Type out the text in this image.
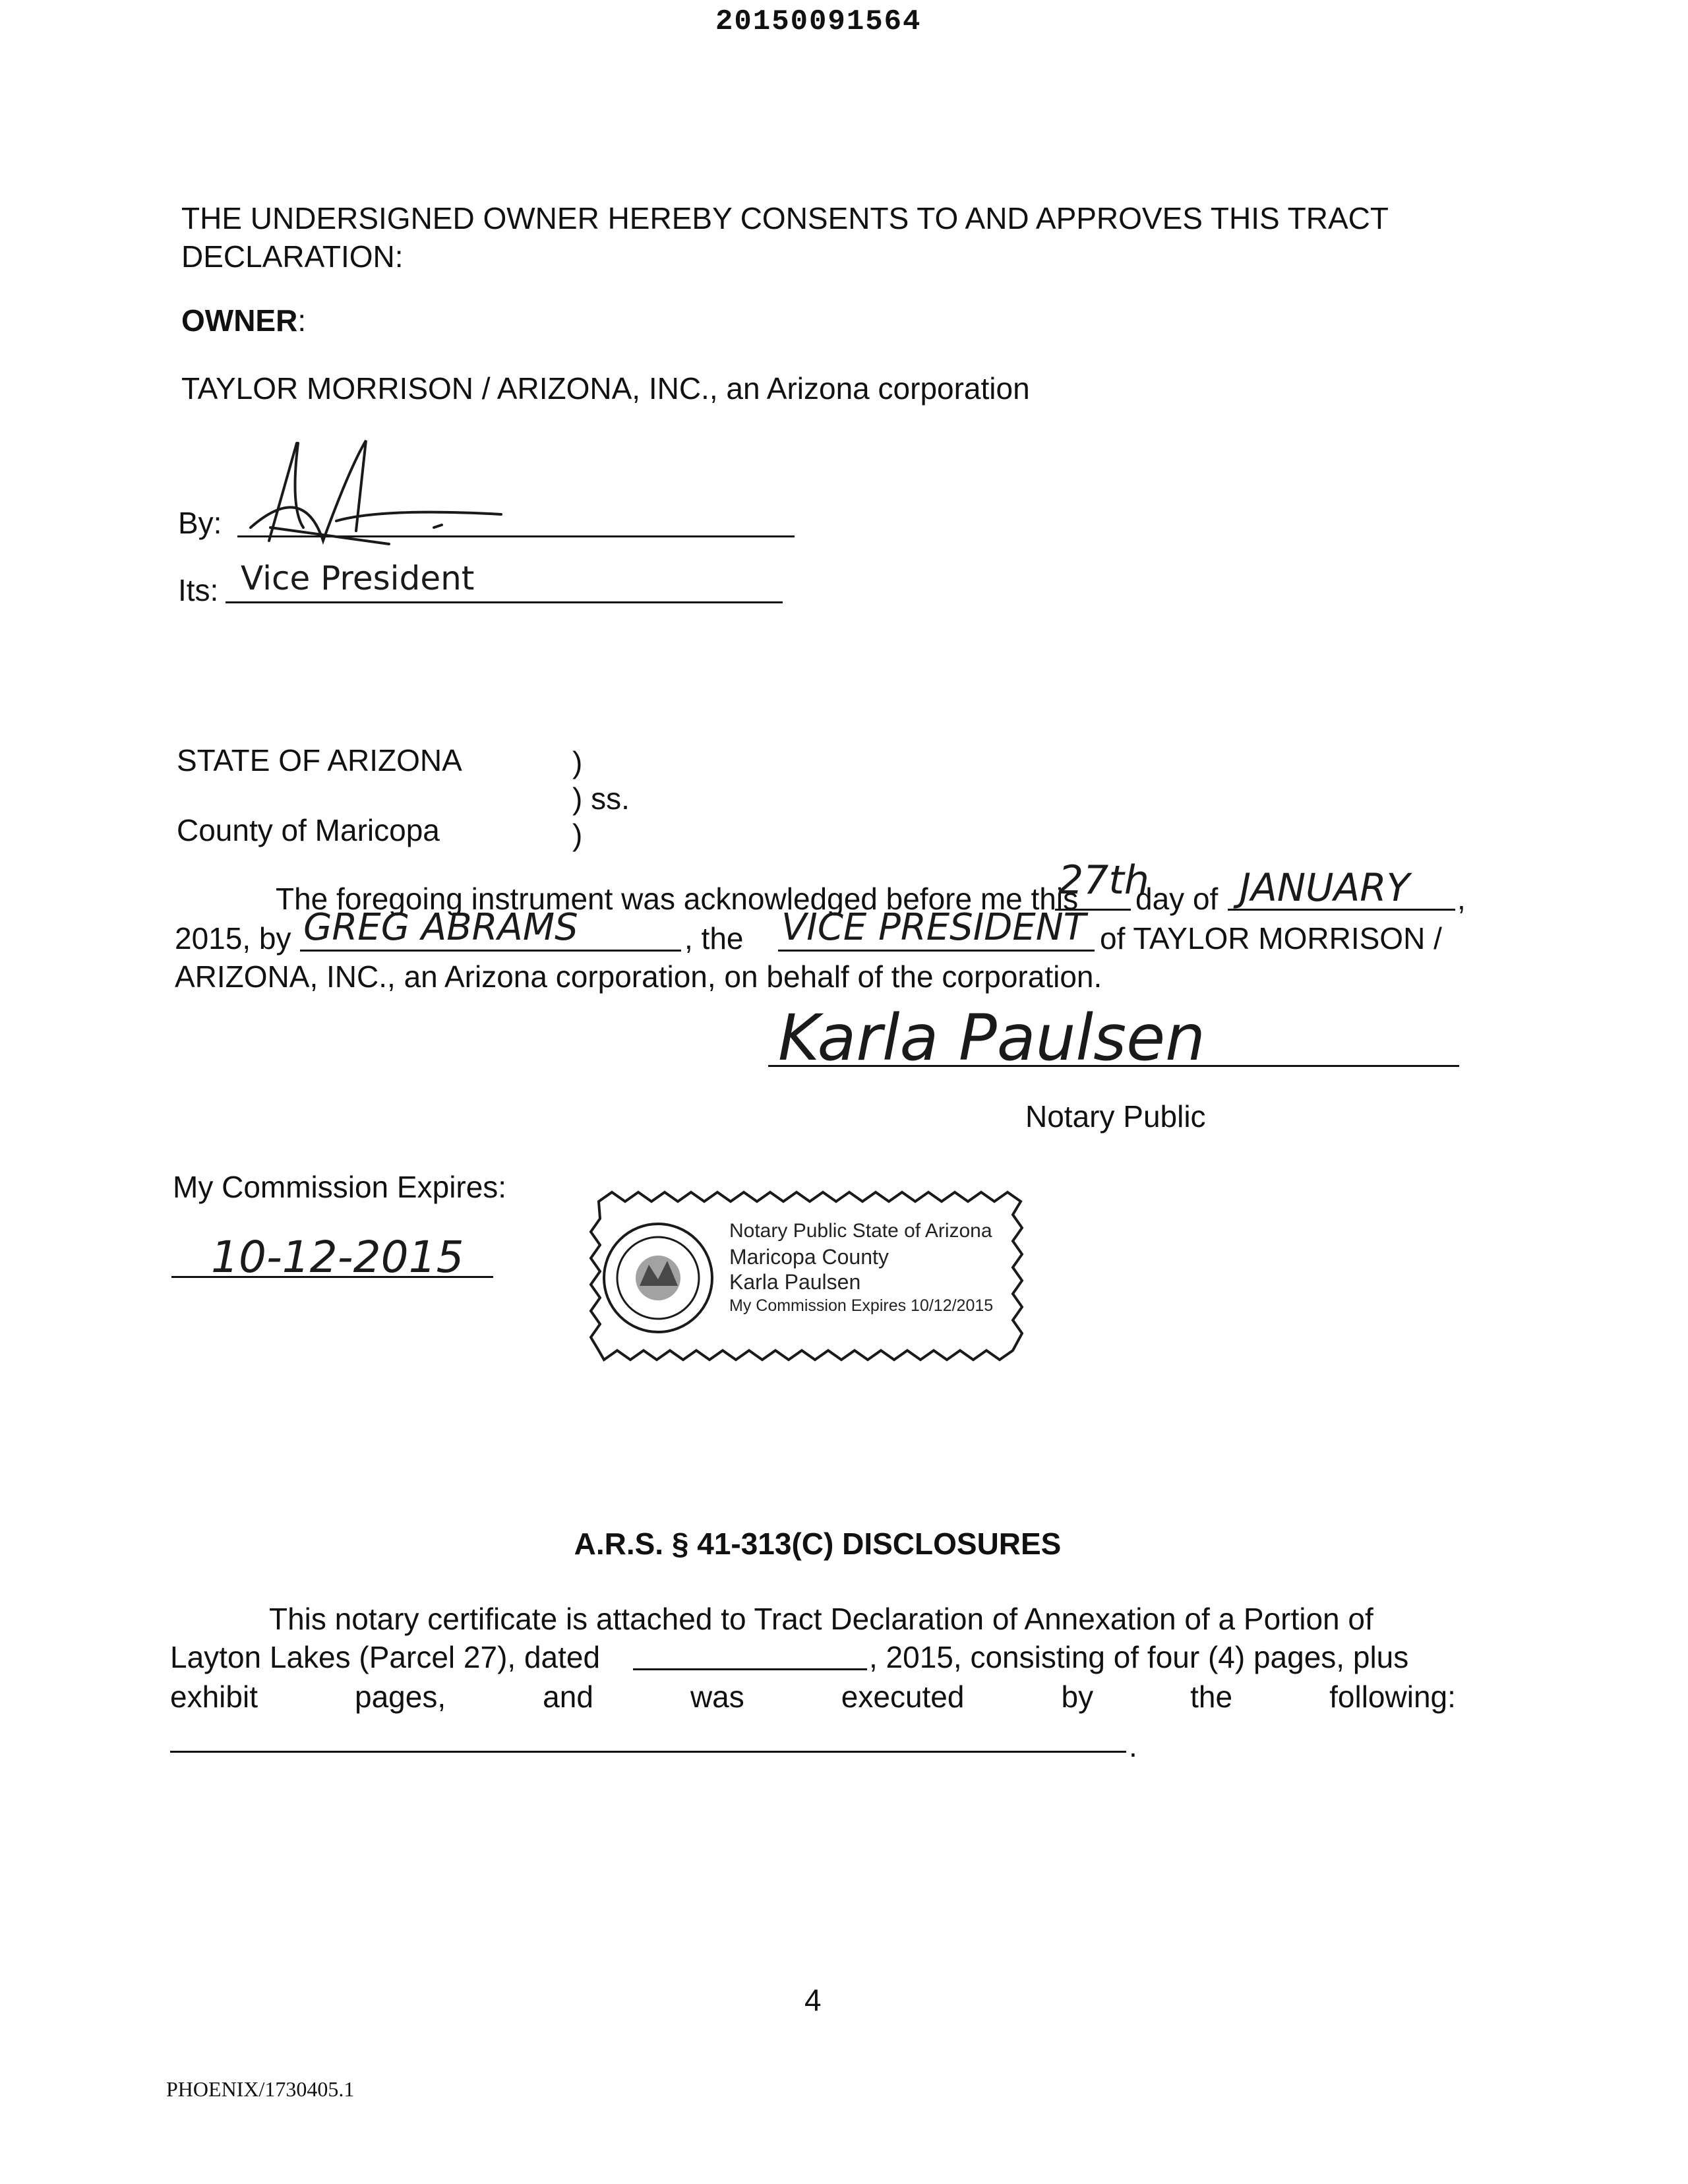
20150091564
THE UNDERSIGNED OWNER HEREBY CONSENTS TO AND APPROVES THIS TRACT
DECLARATION:
OWNER:
TAYLOR MORRISON / ARIZONA, INC., an Arizona corporation
By:
Its: Vice President
STATE OF ARIZONA	)
) ss.
County of Maricopa	)
The foregoing instrument was acknowledged before me this
27th
day of JANUARY ,
2015, by GREG ABRAMS	, the VICE PRESIDENT of TAYLOR MORRISON /
ARIZONA, INC., an Arizona corporation, on behalf of the corporation.
Karla Paulsen
Notary Public
My Commission Expires:
10-12-2015
Notary Public State of Arizona
Maricopa County
Karla Paulsen
My Commission Expires 10/12/2015
A.R.S. § 41-313(C) DISCLOSURES
This notary certificate is attached to Tract Declaration of Annexation of a Portion of
Layton Lakes (Parcel 27), dated	, 2015, consisting of four (4) pages, plus
exhibit	pages,	and	was	executed	by	the	following:
.
4
PHOENIX/1730405.1
